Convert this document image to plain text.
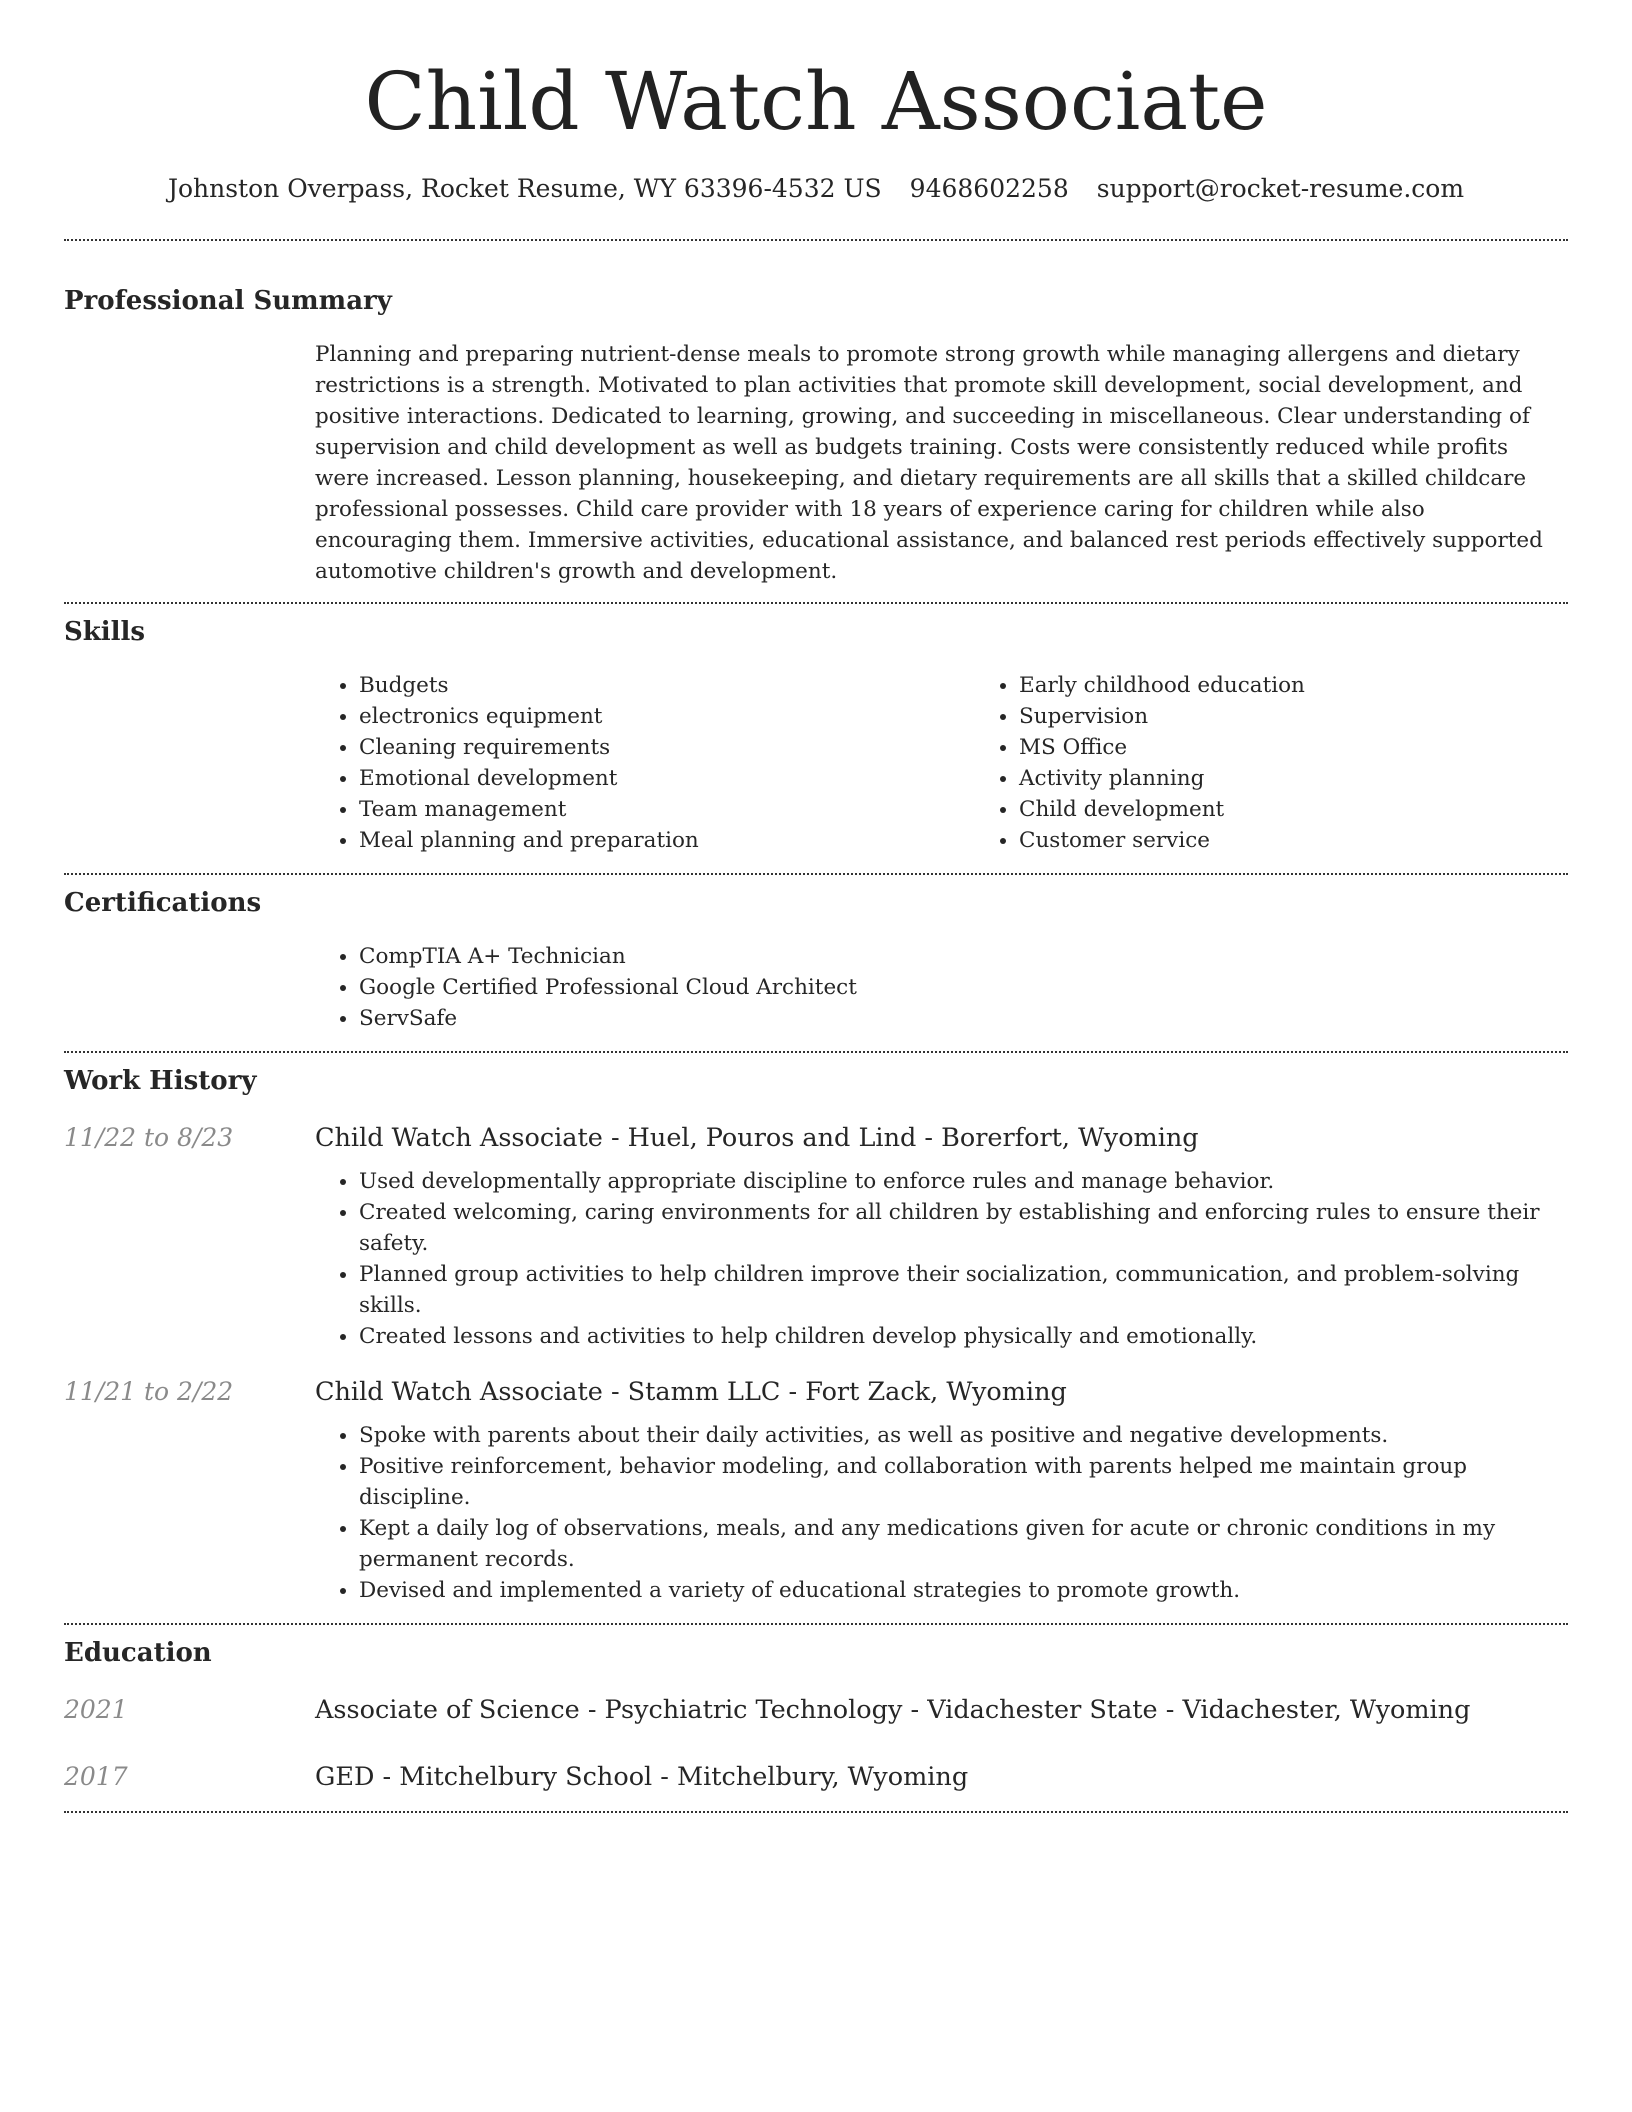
Child Watch Associate
Johnston Overpass, Rocket Resume, WY 63396-4532 US 9468602258 support@rocket-resume.com
Professional Summary
Planning and preparing nutrient-dense meals to promote strong growth while managing allergens and dietary restrictions is a strength. Motivated to plan activities that promote skill development, social development, and positive interactions. Dedicated to learning, growing, and succeeding in miscellaneous. Clear understanding of supervision and child development as well as budgets training. Costs were consistently reduced while profits were increased. Lesson planning, housekeeping, and dietary requirements are all skills that a skilled childcare professional possesses. Child care provider with 18 years of experience caring for children while also encouraging them. Immersive activities, educational assistance, and balanced rest periods effectively supported automotive children's growth and development.
Skills
• Budgets
• electronics equipment
• Cleaning requirements
• Emotional development
• Team management
• Meal planning and preparation
• Early childhood education
• Supervision
• MS Office
• Activity planning
• Child development
• Customer service
Certifications
• CompTIA A+ Technician
• Google Certified Professional Cloud Architect
• ServSafe
Work History
11/22 to 8/23	Child Watch Associate - Huel, Pouros and Lind - Borerfort, Wyoming
• Used developmentally appropriate discipline to enforce rules and manage behavior.
• Created welcoming, caring environments for all children by establishing and enforcing rules to ensure their safety.
• Planned group activities to help children improve their socialization, communication, and problem-solving skills.
• Created lessons and activities to help children develop physically and emotionally.
11/21 to 2/22	Child Watch Associate - Stamm LLC - Fort Zack, Wyoming
• Spoke with parents about their daily activities, as well as positive and negative developments.
• Positive reinforcement, behavior modeling, and collaboration with parents helped me maintain group discipline.
• Kept a daily log of observations, meals, and any medications given for acute or chronic conditions in my permanent records.
• Devised and implemented a variety of educational strategies to promote growth.
Education
2021	Associate of Science - Psychiatric Technology - Vidachester State - Vidachester, Wyoming
2017	GED - Mitchelbury School - Mitchelbury, Wyoming
